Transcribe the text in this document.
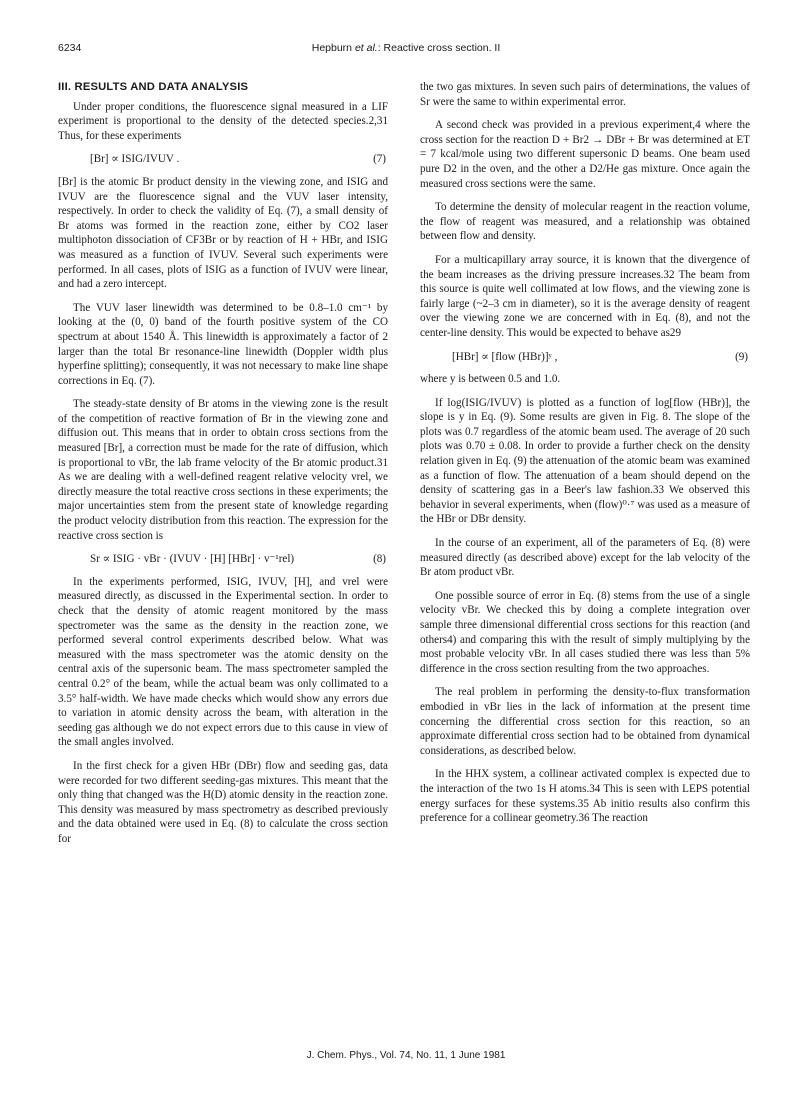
6234	Hepburn et al.: Reactive cross section. II
III. RESULTS AND DATA ANALYSIS

Under proper conditions, the fluorescence signal measured in a LIF experiment is proportional to the density of the detected species.2,31 Thus, for these experiments

[Br] ∝ ISIG/IVUV .	(7)

[Br] is the atomic Br product density in the viewing zone, and ISIG and IVUV are the fluorescence signal and the VUV laser intensity, respectively. In order to check the validity of Eq. (7), a small density of Br atoms was formed in the reaction zone, either by CO2 laser multiphoton dissociation of CF3Br or by reaction of H + HBr, and ISIG was measured as a function of IVUV. Several such experiments were performed. In all cases, plots of ISIG as a function of IVUV were linear, and had a zero intercept.

The VUV laser linewidth was determined to be 0.8–1.0 cm⁻¹ by looking at the (0, 0) band of the fourth positive system of the CO spectrum at about 1540 Å. This linewidth is approximately a factor of 2 larger than the total Br resonance-line linewidth (Doppler width plus hyperfine splitting); consequently, it was not necessary to make line shape corrections in Eq. (7).

The steady-state density of Br atoms in the viewing zone is the result of the competition of reactive formation of Br in the viewing zone and diffusion out. This means that in order to obtain cross sections from the measured [Br], a correction must be made for the rate of diffusion, which is proportional to vBr, the lab frame velocity of the Br atomic product.31 As we are dealing with a well-defined reagent relative velocity vrel, we directly measure the total reactive cross sections in these experiments; the major uncertainties stem from the present state of knowledge regarding the product velocity distribution from this reaction. The expression for the reactive cross section is

Sr ∝ ISIG · vBr · (IVUV · [H] [HBr] · v⁻¹rel)	(8)

In the experiments performed, ISIG, IVUV, [H], and vrel were measured directly, as discussed in the Experimental section. In order to check that the density of atomic reagent monitored by the mass spectrometer was the same as the density in the reaction zone, we performed several control experiments described below. What was measured with the mass spectrometer was the atomic density on the central axis of the supersonic beam. The mass spectrometer sampled the central 0.2° of the beam, while the actual beam was only collimated to a 3.5° half-width. We have made checks which would show any errors due to variation in atomic density across the beam, with alteration in the seeding gas although we do not expect errors due to this cause in view of the small angles involved.

In the first check for a given HBr (DBr) flow and seeding gas, data were recorded for two different seeding-gas mixtures. This meant that the only thing that changed was the H(D) atomic density in the reaction zone. This density was measured by mass spectrometry as described previously and the data obtained were used in Eq. (8) to calculate the cross section for

the two gas mixtures. In seven such pairs of determinations, the values of Sr were the same to within experimental error.

A second check was provided in a previous experiment,4 where the cross section for the reaction D + Br2 → DBr + Br was determined at ET = 7 kcal/mole using two different supersonic D beams. One beam used pure D2 in the oven, and the other a D2/He gas mixture. Once again the measured cross sections were the same.

To determine the density of molecular reagent in the reaction volume, the flow of reagent was measured, and a relationship was obtained between flow and density.

For a multicapillary array source, it is known that the divergence of the beam increases as the driving pressure increases.32 The beam from this source is quite well collimated at low flows, and the viewing zone is fairly large (~2–3 cm in diameter), so it is the average density of reagent over the viewing zone we are concerned with in Eq. (8), and not the center-line density. This would be expected to behave as29

[HBr] ∝ [flow (HBr)]ʸ ,	(9)

where y is between 0.5 and 1.0.

If log(ISIG/IVUV) is plotted as a function of log[flow (HBr)], the slope is y in Eq. (9). Some results are given in Fig. 8. The slope of the plots was 0.7 regardless of the atomic beam used. The average of 20 such plots was 0.70 ± 0.08. In order to provide a further check on the density relation given in Eq. (9) the attenuation of the atomic beam was examined as a function of flow. The attenuation of a beam should depend on the density of scattering gas in a Beer's law fashion.33 We observed this behavior in several experiments, when (flow)⁰·⁷ was used as a measure of the HBr or DBr density.

In the course of an experiment, all of the parameters of Eq. (8) were measured directly (as described above) except for the lab velocity of the Br atom product vBr.

One possible source of error in Eq. (8) stems from the use of a single velocity vBr. We checked this by doing a complete integration over sample three dimensional differential cross sections for this reaction (and others4) and comparing this with the result of simply multiplying by the most probable velocity vBr. In all cases studied there was less than 5% difference in the cross section resulting from the two approaches.

The real problem in performing the density-to-flux transformation embodied in vBr lies in the lack of information at the present time concerning the differential cross section for this reaction, so an approximate differential cross section had to be obtained from dynamical considerations, as described below.

In the HHX system, a collinear activated complex is expected due to the interaction of the two 1s H atoms.34 This is seen with LEPS potential energy surfaces for these systems.35 Ab initio results also confirm this preference for a collinear geometry.36 The reaction

J. Chem. Phys., Vol. 74, No. 11, 1 June 1981
